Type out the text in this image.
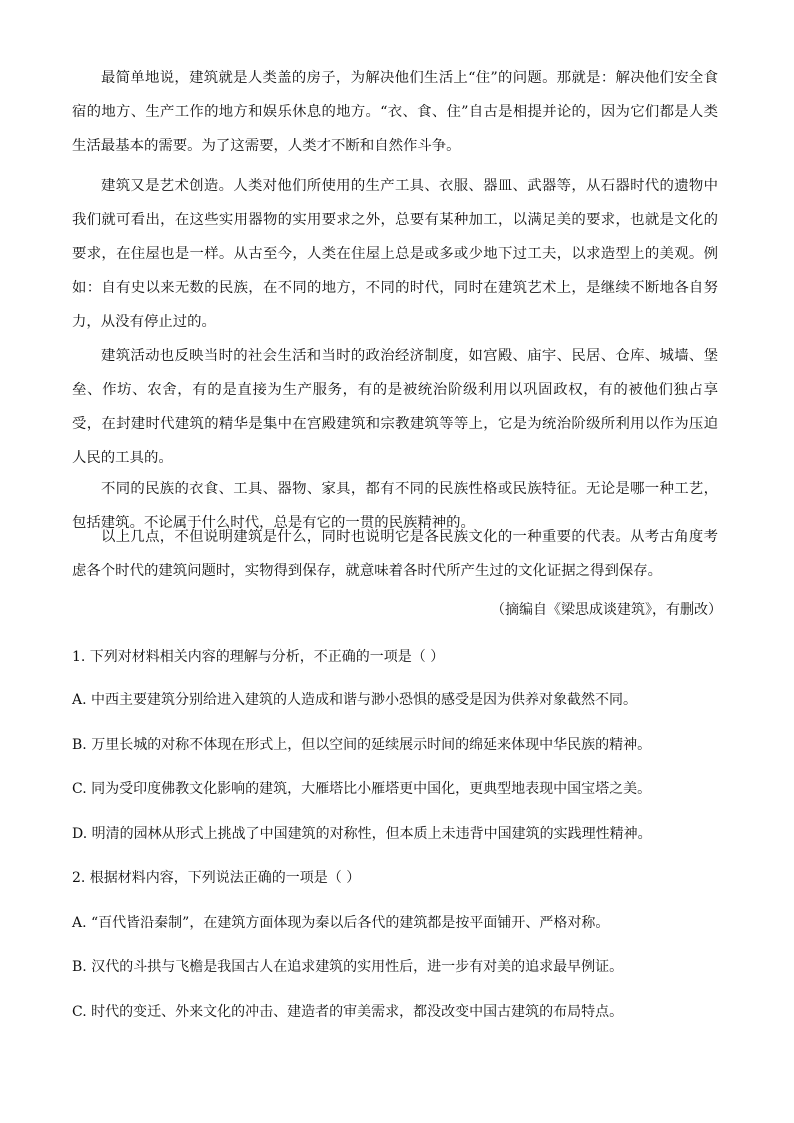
最简单地说，建筑就是人类盖的房子，为解决他们生活上“住”的问题。那就是：解决他们安全食宿的地方、生产工作的地方和娱乐休息的地方。“衣、食、住”自古是相提并论的，因为它们都是人类生活最基本的需要。为了这需要，人类才不断和自然作斗争。

建筑又是艺术创造。人类对他们所使用的生产工具、衣服、器皿、武器等，从石器时代的遗物中我们就可看出，在这些实用器物的实用要求之外，总要有某种加工，以满足美的要求，也就是文化的要求，在住屋也是一样。从古至今，人类在住屋上总是或多或少地下过工夫，以求造型上的美观。例如：自有史以来无数的民族，在不同的地方，不同的时代，同时在建筑艺术上，是继续不断地各自努力，从没有停止过的。

建筑活动也反映当时的社会生活和当时的政治经济制度，如宫殿、庙宇、民居、仓库、城墙、堡垒、作坊、农舍，有的是直接为生产服务，有的是被统治阶级利用以巩固政权，有的被他们独占享受，在封建时代建筑的精华是集中在宫殿建筑和宗教建筑等等上，它是为统治阶级所利用以作为压迫人民的工具的。

不同的民族的衣食、工具、器物、家具，都有不同的民族性格或民族特征。无论是哪一种工艺，包括建筑。不论属于什么时代，总是有它的一贯的民族精神的。

以上几点，不但说明建筑是什么，同时也说明它是各民族文化的一种重要的代表。从考古角度考虑各个时代的建筑问题时，实物得到保存，就意味着各时代所产生过的文化证据之得到保存。

（摘编自《梁思成谈建筑》，有删改）

1. 下列对材料相关内容的理解与分析，不正确的一项是（ ）

A. 中西主要建筑分别给进入建筑的人造成和谐与渺小恐惧的感受是因为供养对象截然不同。

B. 万里长城的对称不体现在形式上，但以空间的延续展示时间的绵延来体现中华民族的精神。

C. 同为受印度佛教文化影响的建筑，大雁塔比小雁塔更中国化，更典型地表现中国宝塔之美。

D. 明清的园林从形式上挑战了中国建筑的对称性，但本质上未违背中国建筑的实践理性精神。

2. 根据材料内容，下列说法正确的一项是（ ）

A. “百代皆沿秦制”，在建筑方面体现为秦以后各代的建筑都是按平面铺开、严格对称。

B. 汉代的斗拱与飞檐是我国古人在追求建筑的实用性后，进一步有对美的追求最早例证。

C. 时代的变迁、外来文化的冲击、建造者的审美需求，都没改变中国古建筑的布局特点。
